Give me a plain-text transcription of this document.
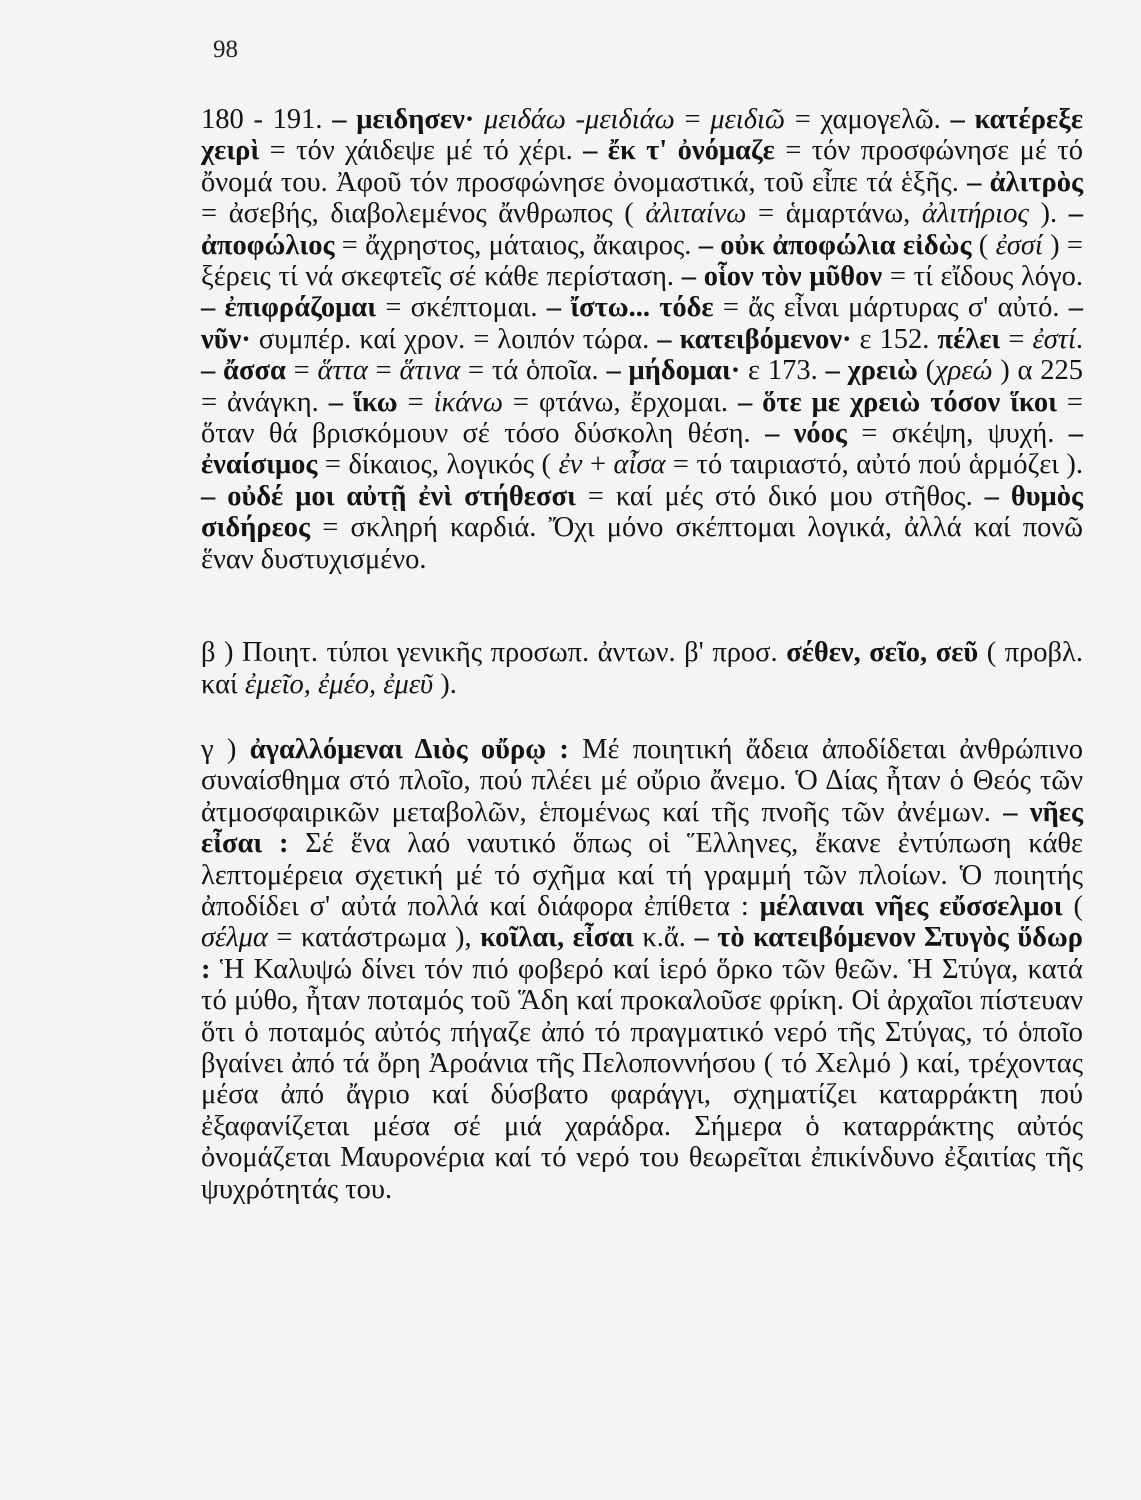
98

180 - 191. – μειδησεν· μειδάω -μειδιάω = μειδιῶ = χαμογελῶ. – κατέρεξε χειρὶ = τόν χάιδεψε μέ τό χέρι. – ἔκ τ' ὀνόμαζε = τόν προσφώνησε μέ τό ὄνομά του. Ἀφοῦ τόν προσφώνησε ὀνομαστικά, τοῦ εἶπε τά ἑξῆς. – ἀλιτρὸς = ἀσεβής, διαβολεμένος ἄνθρωπος ( ἀλιταίνω = ἁμαρτάνω, ἀλιτήριος ). – ἀποφώλιος = ἄχρηστος, μάταιος, ἄκαιρος. – οὐκ ἀποφώλια εἰδὼς ( ἐσσί ) = ξέρεις τί νά σκεφτεῖς σέ κάθε περίσταση. – οἷον τὸν μῦθον = τί εἴδους λόγο. – ἐπιφράζομαι = σκέπτομαι. – ἴστω... τόδε = ἄς εἶναι μάρτυρας σ' αὐτό. – νῦν· συμπέρ. καί χρον. = λοιπόν τώρα. – κατειβόμενον· ε 152. πέλει = ἐστί. – ἄσσα = ἅττα = ἅτινα = τά ὁποῖα. – μήδομαι· ε 173. – χρειὼ (χρεώ ) α 225 = ἀνάγκη. – ἵκω = ἱκάνω = φτάνω, ἔρχομαι. – ὅτε με χρειὼ τόσον ἵκοι = ὅταν θά βρισκόμουν σέ τόσο δύσκολη θέση. – νόος = σκέψη, ψυχή. – ἐναίσιμος = δίκαιος, λογικός ( ἐν + αἶσα = τό ταιριαστό, αὐτό πού ἁρμόζει ). – οὐδέ μοι αὐτῇ ἐνὶ στήθεσσι = καί μές στό δικό μου στῆθος. – θυμὸς σιδήρεος = σκληρή καρδιά. Ὄχι μόνο σκέπτομαι λογικά, ἀλλά καί πονῶ ἕναν δυστυχισμένο.

β ) Ποιητ. τύποι γενικῆς προσωπ. ἀντων. β' προσ. σέθεν, σεῖο, σεῦ ( προβλ. καί ἐμεῖο, ἐμέο, ἐμεῦ ).

γ ) ἀγαλλόμεναι Διὸς οὔρῳ : Μέ ποιητική ἄδεια ἀποδίδεται ἀνθρώπινο συναίσθημα στό πλοῖο, πού πλέει μέ οὔριο ἄνεμο. Ὁ Δίας ἦταν ὁ Θεός τῶν ἀτμοσφαιρικῶν μεταβολῶν, ἑπομένως καί τῆς πνοῆς τῶν ἀνέμων. – νῆες εἶσαι : Σέ ἕνα λαό ναυτικό ὅπως οἱ Ἕλληνες, ἔκανε ἐντύπωση κάθε λεπτομέρεια σχετική μέ τό σχῆμα καί τή γραμμή τῶν πλοίων. Ὁ ποιητής ἀποδίδει σ' αὐτά πολλά καί διάφορα ἐπίθετα : μέλαιναι νῆες εὔσσελμοι ( σέλμα = κατάστρωμα ), κοῖλαι, εἶσαι κ.ἄ. – τὸ κατειβόμενον Στυγὸς ὕδωρ : Ἡ Καλυψώ δίνει τόν πιό φοβερό καί ἱερό ὅρκο τῶν θεῶν. Ἡ Στύγα, κατά τό μύθο, ἦταν ποταμός τοῦ Ἅδη καί προκαλοῦσε φρίκη. Οἱ ἀρχαῖοι πίστευαν ὅτι ὁ ποταμός αὐτός πήγαζε ἀπό τό πραγματικό νερό τῆς Στύγας, τό ὁποῖο βγαίνει ἀπό τά ὄρη Ἀροάνια τῆς Πελοποννήσου ( τό Χελμό ) καί, τρέχοντας μέσα ἀπό ἄγριο καί δύσβατο φαράγγι, σχηματίζει καταρράκτη πού ἐξαφανίζεται μέσα σέ μιά χαράδρα. Σήμερα ὁ καταρράκτης αὐτός ὀνομάζεται Μαυρονέρια καί τό νερό του θεωρεῖται ἐπικίνδυνο ἐξαιτίας τῆς ψυχρότητάς του.
